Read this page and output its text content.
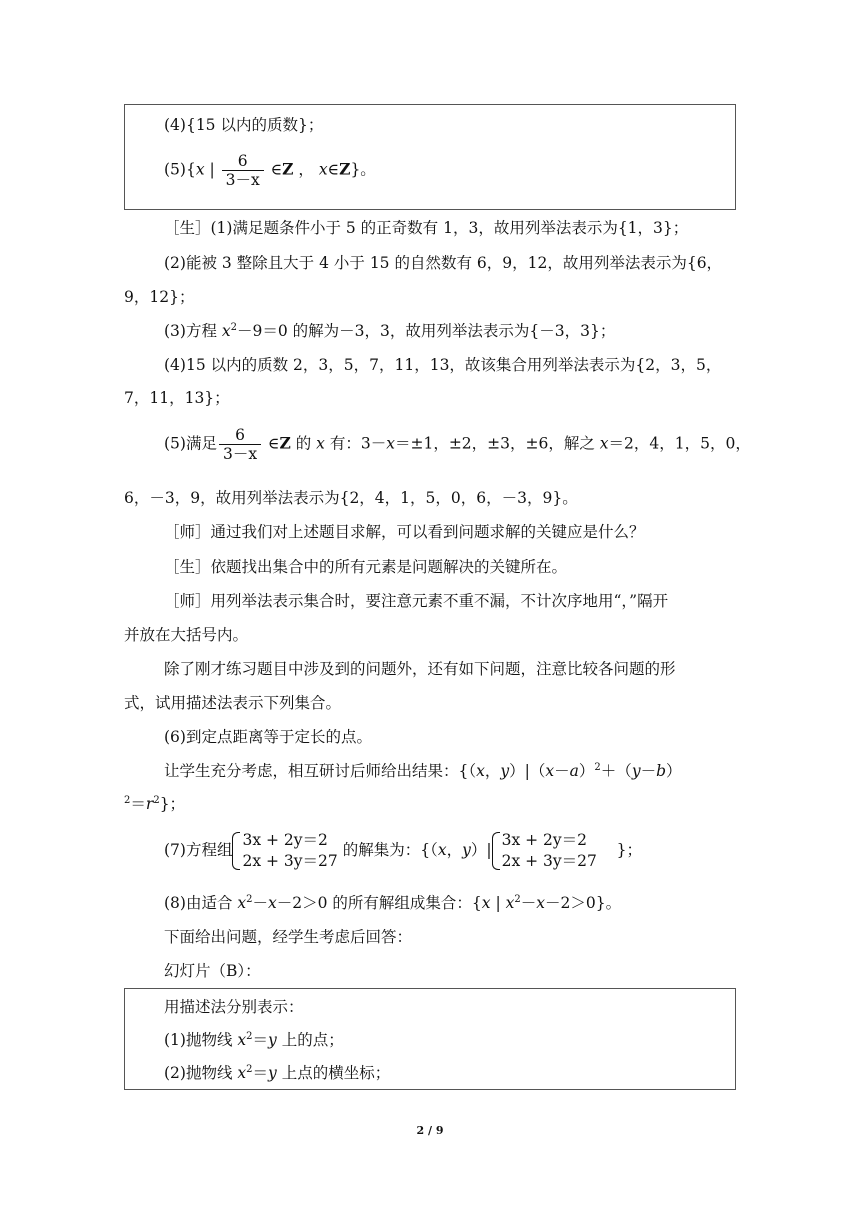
(4){15 以内的质数}；
(5){x | $\frac{6}{3-x}$ ∈Z ， x∈Z}。
［生］(1)满足题条件小于 5 的正奇数有 1，3，故用列举法表示为{1，3}；
(2)能被 3 整除且大于 4 小于 15 的自然数有 6，9，12，故用列举法表示为{6，
9，12}；
(3)方程 $x^2-9=0$ 的解为－3，3，故用列举法表示为{－3，3}；
(4)15 以内的质数 2，3，5，7，11，13，故该集合用列举法表示为{2，3，5，
7，11，13}；
(5)满足 $\frac{6}{3-x}$ ∈Z 的 x 有：3－x＝±1，±2，±3，±6，解之 x＝2，4，1，5，0，
6，－3，9，故用列举法表示为{2，4，1，5，0，6，－3，9}。
［师］通过我们对上述题目求解，可以看到问题求解的关键应是什么？
［生］依题找出集合中的所有元素是问题解决的关键所在。
［师］用列举法表示集合时，要注意元素不重不漏，不计次序地用“，”隔开
并放在大括号内。
除了刚才练习题目中涉及到的问题外，还有如下问题，注意比较各问题的形
式，试用描述法表示下列集合。
(6)到定点距离等于定长的点。
让学生充分考虑，相互研讨后师给出结果：{（x，$y)|(x-a)^2+(y-b)$
$^2=r^2$}；
(7)方程组
3x + 2y＝2
2x + 3y＝27
的解集为：{（x，y）|
3x + 2y＝2
2x + 3y＝27
}；
(8)由适合 $x^2-x-2>0$ 的所有解组成集合：{x | $x^2-x-2>0$}。
下面给出问题，经学生考虑后回答：
幻灯片（B）：
用描述法分别表示：
(1)抛物线 $x^2=y$ 上的点；
(2)抛物线 $x^2=y$ 上点的横坐标；
2 / 9
